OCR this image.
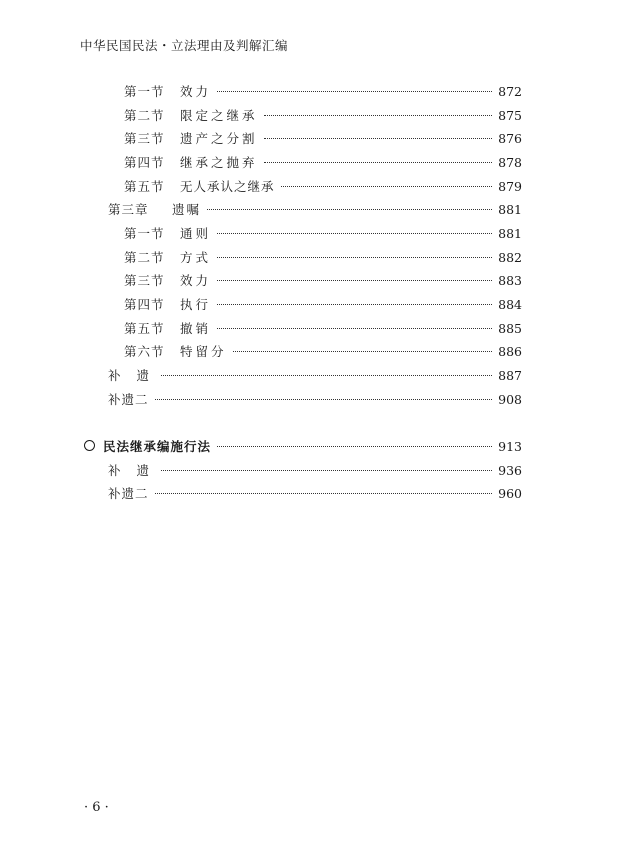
中华民国民法・立法理由及判解汇编
第一节 效力	872
第二节 限定之继承	875
第三节 遗产之分割	876
第四节 继承之抛弃	878
第五节 无人承认之继承	879
第三章 遗嘱	881
第一节 通则	881
第二节 方式	882
第三节 效力	883
第四节 执行	884
第五节 撤销	885
第六节 特留分	886
补 遗	887
补遗二	908
民法继承编施行法	913
补 遗	936
补遗二	960
· 6 ·
